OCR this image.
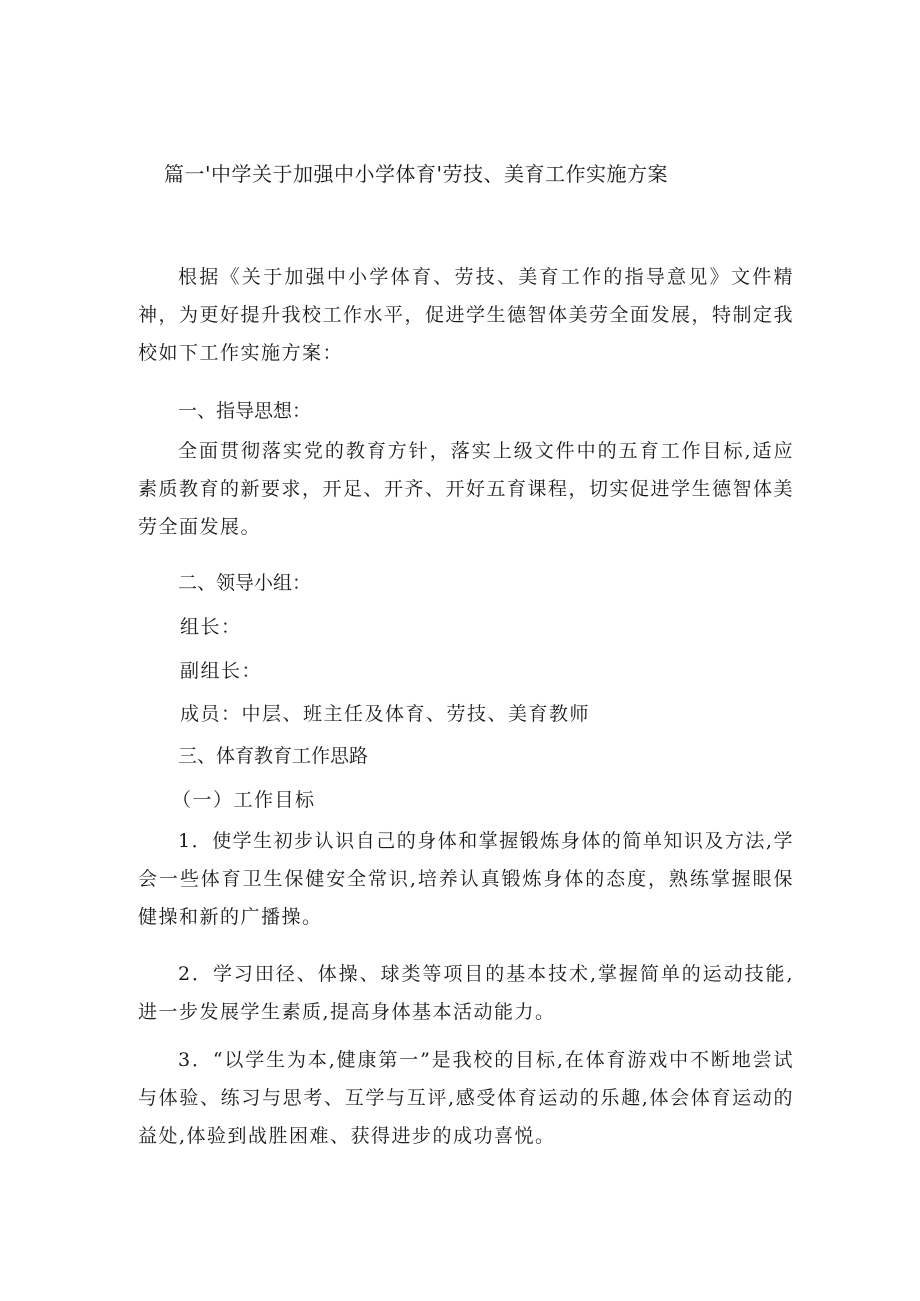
篇一'中学关于加强中小学体育'劳技、美育工作实施方案

根据《关于加强中小学体育、劳技、美育工作的指导意见》文件精神，为更好提升我校工作水平，促进学生德智体美劳全面发展，特制定我校如下工作实施方案：

一、指导思想：

全面贯彻落实党的教育方针，落实上级文件中的五育工作目标,适应素质教育的新要求，开足、开齐、开好五育课程，切实促进学生德智体美劳全面发展。

二、领导小组：

组长：

副组长：

成员：中层、班主任及体育、劳技、美育教师

三、体育教育工作思路

（一）工作目标

1．使学生初步认识自己的身体和掌握锻炼身体的简单知识及方法,学会一些体育卫生保健安全常识,培养认真锻炼身体的态度，熟练掌握眼保健操和新的广播操。

2．学习田径、体操、球类等项目的基本技术,掌握简单的运动技能,进一步发展学生素质,提高身体基本活动能力。

3．“以学生为本,健康第一”是我校的目标,在体育游戏中不断地尝试与体验、练习与思考、互学与互评,感受体育运动的乐趣,体会体育运动的益处,体验到战胜困难、获得进步的成功喜悦。
